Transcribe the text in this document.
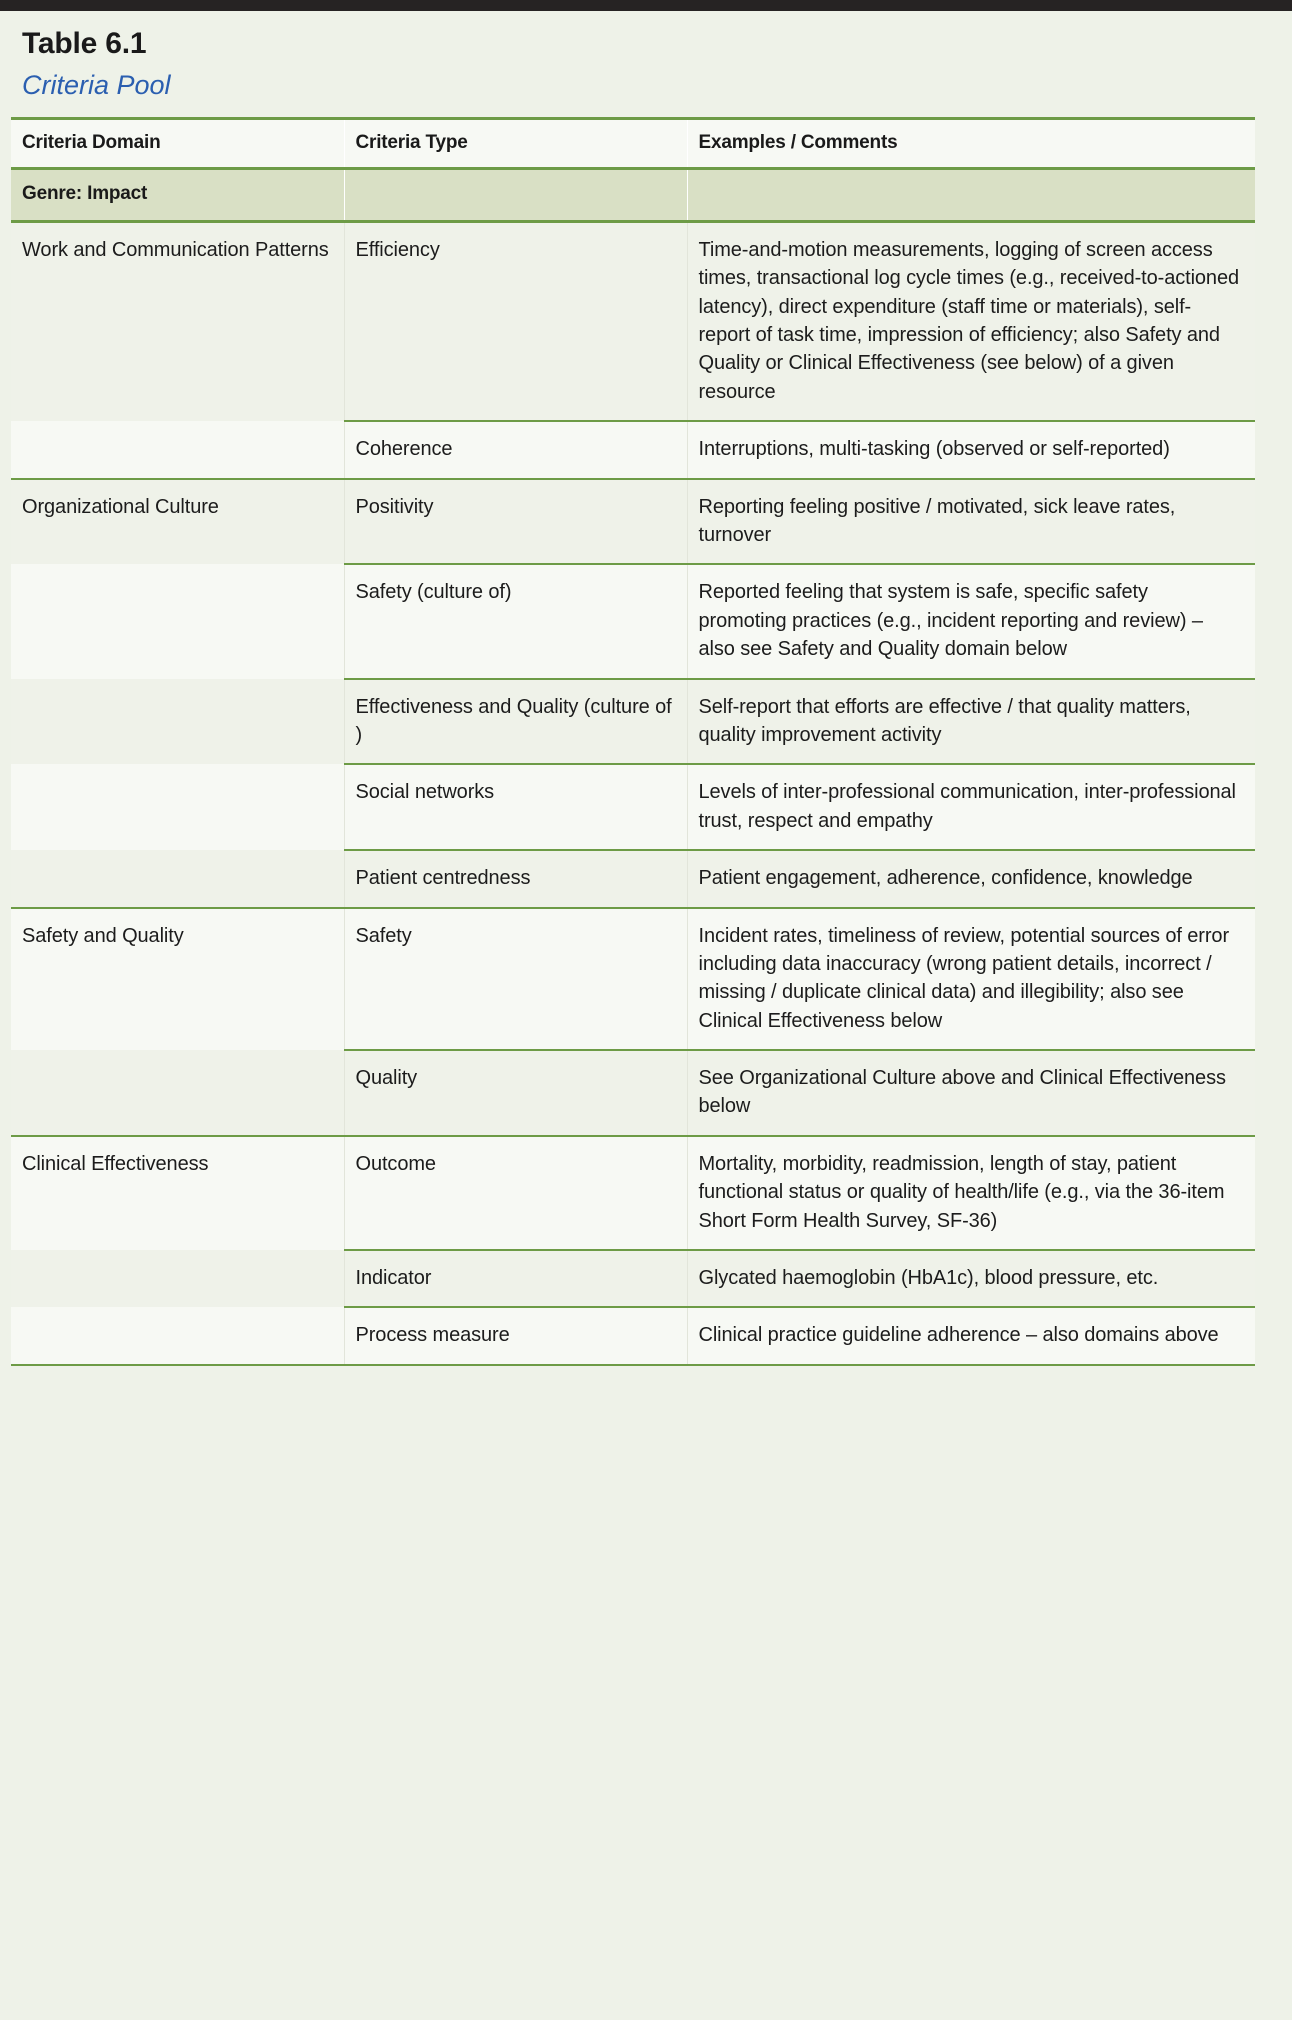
Table 6.1
Criteria Pool
Criteria Domain	Criteria Type	Examples / Comments
Genre: Impact		
Work and Communication Patterns	Efficiency	Time-and-motion measurements, logging of screen access times, transactional log cycle times (e.g., received-to-actioned latency), direct expenditure (staff time or materials), self-report of task time, impression of efficiency; also Safety and Quality or Clinical Effectiveness (see below) of a given resource
	Coherence	Interruptions, multi-tasking (observed or self-reported)
Organizational Culture	Positivity	Reporting feeling positive / motivated, sick leave rates, turnover
	Safety (culture of)	Reported feeling that system is safe, specific safety promoting practices (e.g., incident reporting and review) – also see Safety and Quality domain below
	Effectiveness and Quality (culture of )	Self-report that efforts are effective / that quality matters, quality improvement activity
	Social networks	Levels of inter-professional communication, inter-professional trust, respect and empathy
	Patient centredness	Patient engagement, adherence, confidence, knowledge
Safety and Quality	Safety	Incident rates, timeliness of review, potential sources of error including data inaccuracy (wrong patient details, incorrect / missing / duplicate clinical data) and illegibility; also see Clinical Effectiveness below
	Quality	See Organizational Culture above and Clinical Effectiveness below
Clinical Effectiveness	Outcome	Mortality, morbidity, readmission, length of stay, patient functional status or quality of health/life (e.g., via the 36-item Short Form Health Survey, SF-36)
	Indicator	Glycated haemoglobin (HbA1c), blood pressure, etc.
	Process measure	Clinical practice guideline adherence – also domains above
